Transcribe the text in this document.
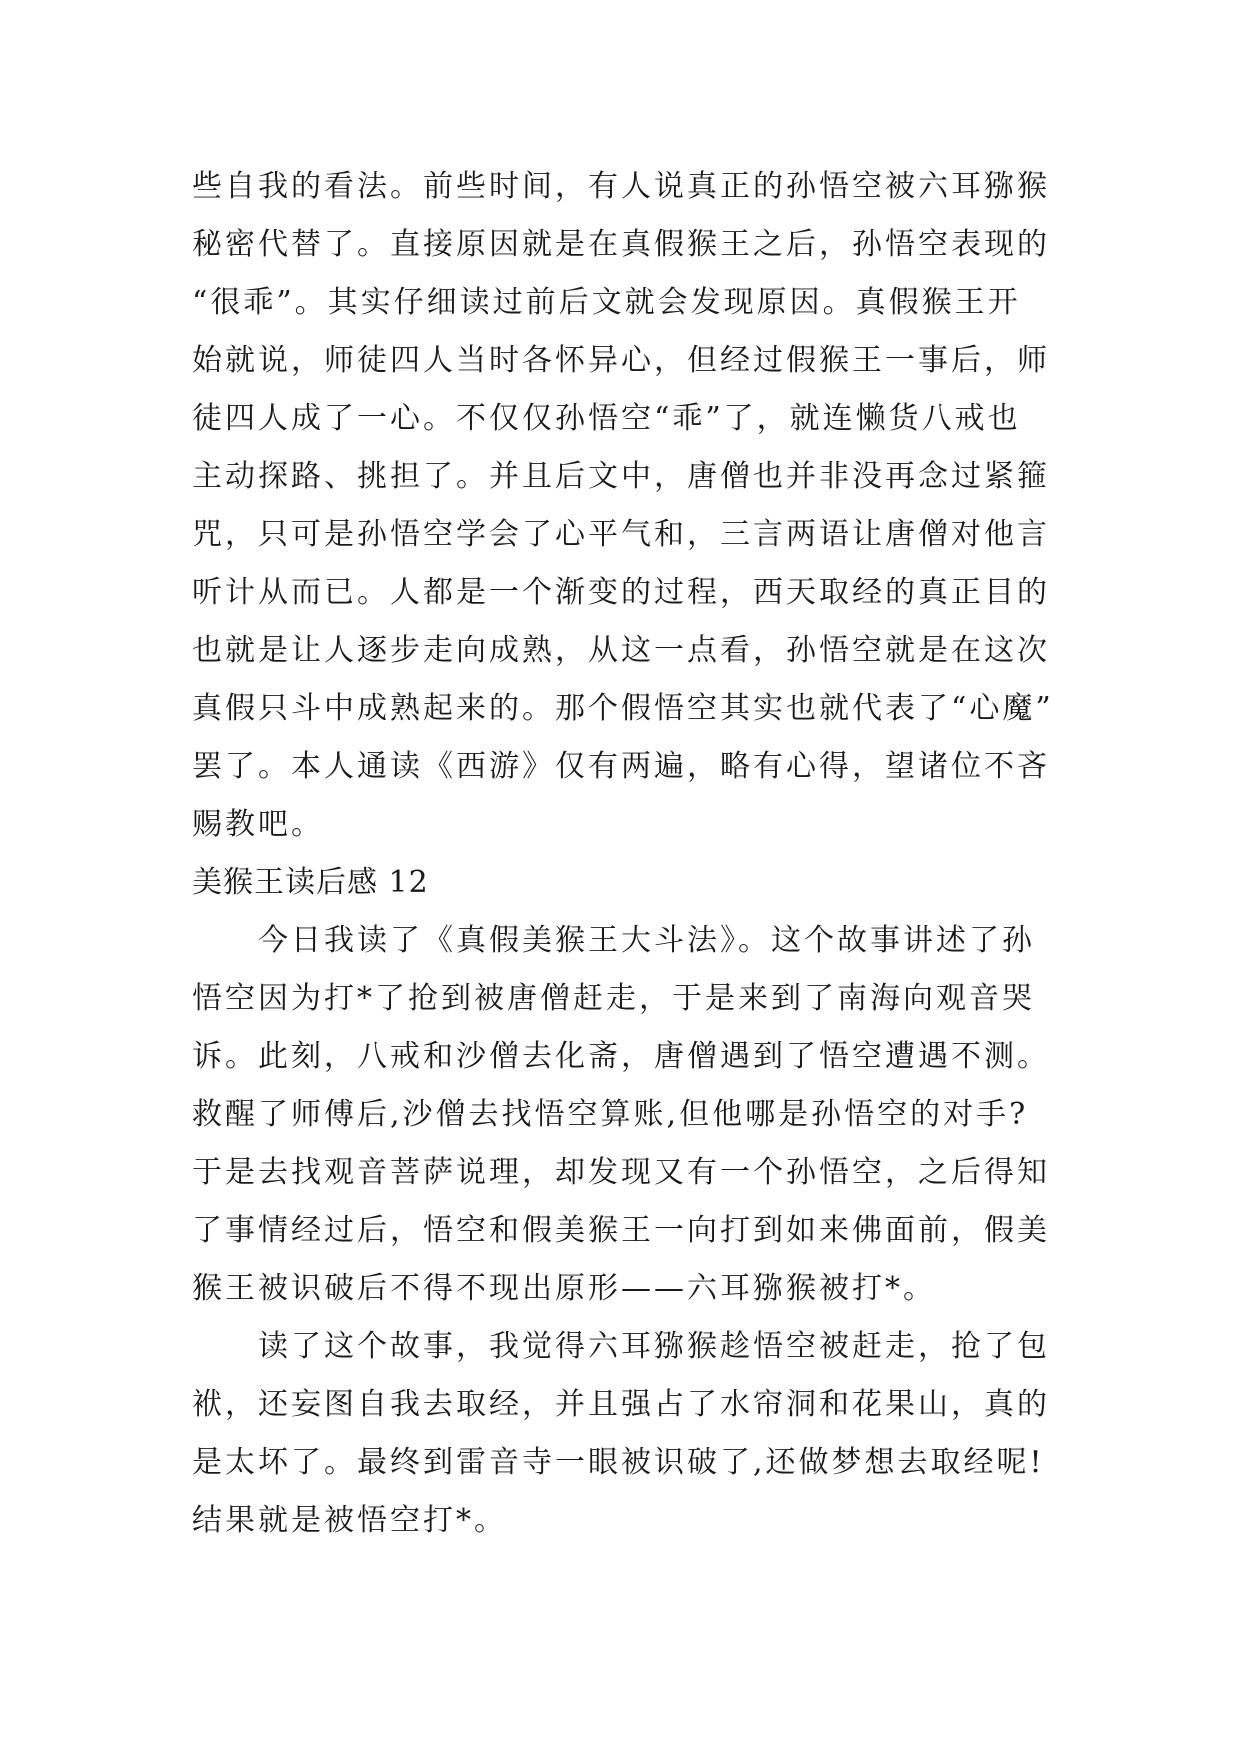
些自我的看法。前些时间，有人说真正的孙悟空被六耳猕猴
秘密代替了。直接原因就是在真假猴王之后，孙悟空表现的
“很乖”。其实仔细读过前后文就会发现原因。真假猴王开
始就说，师徒四人当时各怀异心，但经过假猴王一事后，师
徒四人成了一心。不仅仅孙悟空“乖”了，就连懒货八戒也
主动探路、挑担了。并且后文中，唐僧也并非没再念过紧箍
咒，只可是孙悟空学会了心平气和，三言两语让唐僧对他言
听计从而已。人都是一个渐变的过程，西天取经的真正目的
也就是让人逐步走向成熟，从这一点看，孙悟空就是在这次
真假只斗中成熟起来的。那个假悟空其实也就代表了“心魔”
罢了。本人通读《西游》仅有两遍，略有心得，望诸位不吝
赐教吧。
美猴王读后感 12
今日我读了《真假美猴王大斗法》。这个故事讲述了孙
悟空因为打*了抢到被唐僧赶走，于是来到了南海向观音哭
诉。此刻，八戒和沙僧去化斋，唐僧遇到了悟空遭遇不测。
救醒了师傅后,沙僧去找悟空算账,但他哪是孙悟空的对手?
于是去找观音菩萨说理，却发现又有一个孙悟空，之后得知
了事情经过后，悟空和假美猴王一向打到如来佛面前，假美
猴王被识破后不得不现出原形——六耳猕猴被打*。
读了这个故事，我觉得六耳猕猴趁悟空被赶走，抢了包
袱，还妄图自我去取经，并且强占了水帘洞和花果山，真的
是太坏了。最终到雷音寺一眼被识破了,还做梦想去取经呢!
结果就是被悟空打*。
